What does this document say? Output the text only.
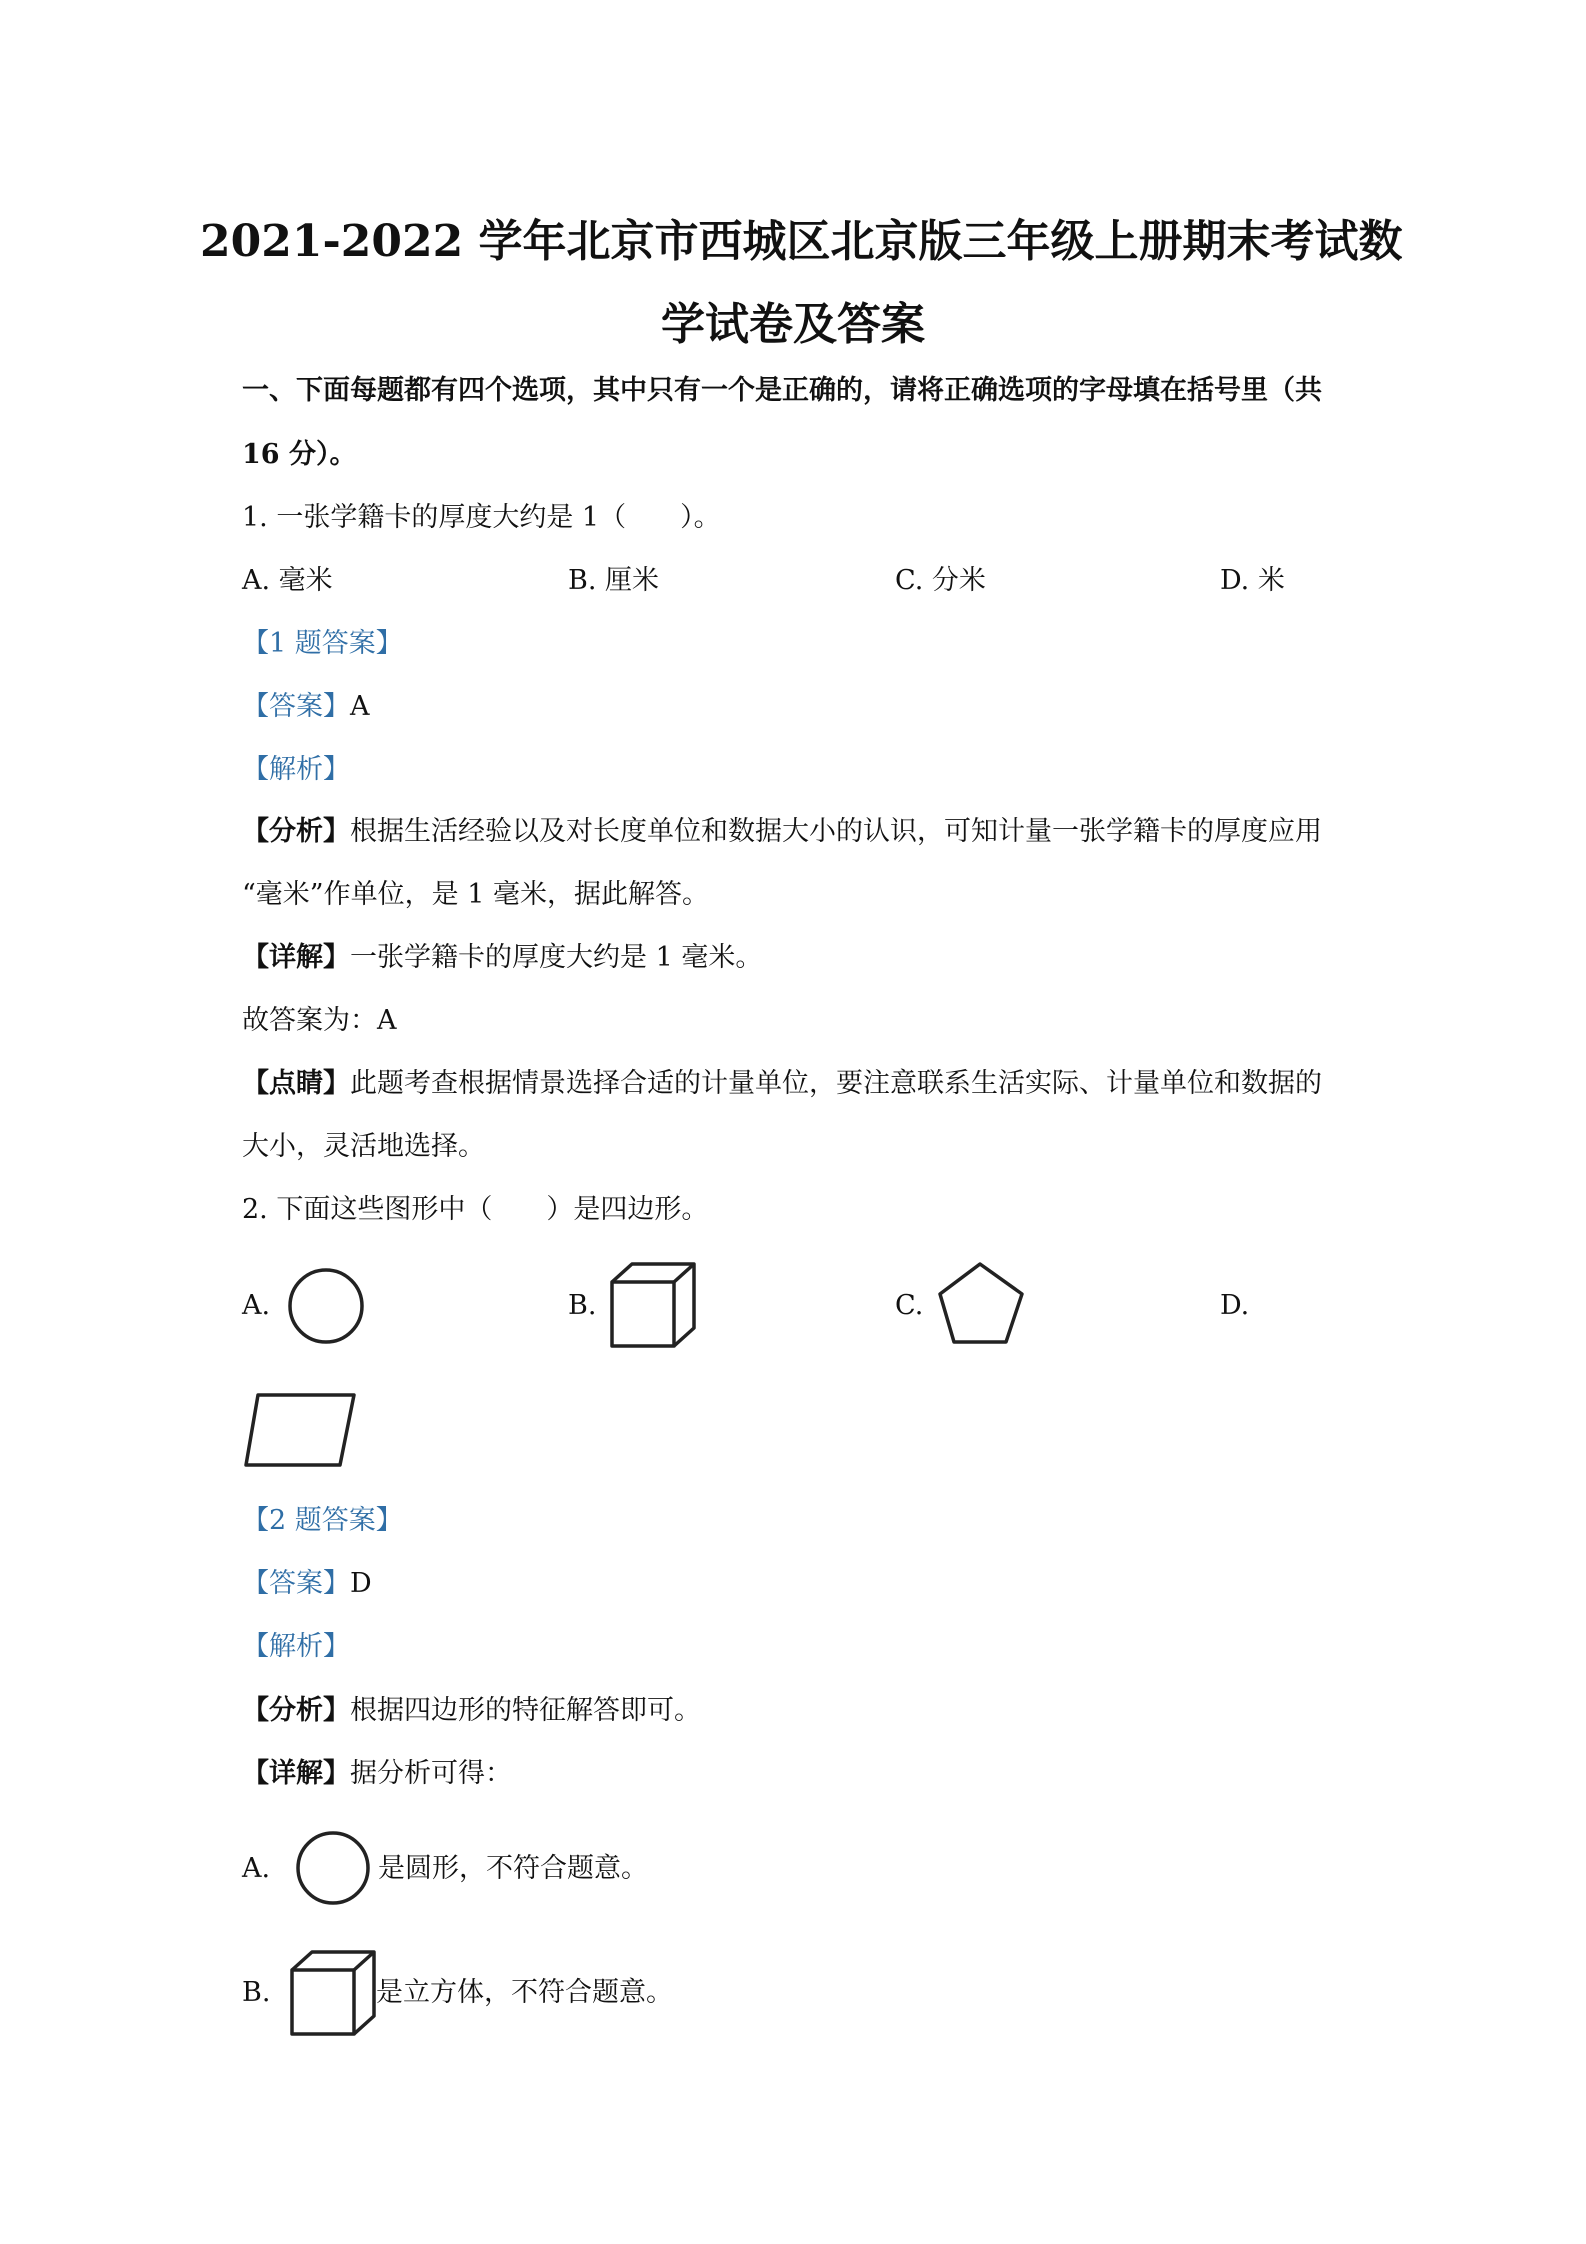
2021-2022 学年北京市西城区北京版三年级上册期末考试数
学试卷及答案
一、下面每题都有四个选项，其中只有一个是正确的，请将正确选项的字母填在括号里（共
16 分）。
1. 一张学籍卡的厚度大约是 1（　　）。
A. 毫米	B. 厘米	C. 分米	D. 米
【1 题答案】
【答案】A
【解析】
【分析】根据生活经验以及对长度单位和数据大小的认识，可知计量一张学籍卡的厚度应用
“毫米”作单位，是 1 毫米，据此解答。
【详解】一张学籍卡的厚度大约是 1 毫米。
故答案为：A
【点睛】此题考查根据情景选择合适的计量单位，要注意联系生活实际、计量单位和数据的
大小，灵活地选择。
2. 下面这些图形中（　　）是四边形。
A.	B.	C.	D.
【2 题答案】
【答案】D
【解析】
【分析】根据四边形的特征解答即可。
【详解】据分析可得：
A.	是圆形，不符合题意。
B.	是立方体，不符合题意。
